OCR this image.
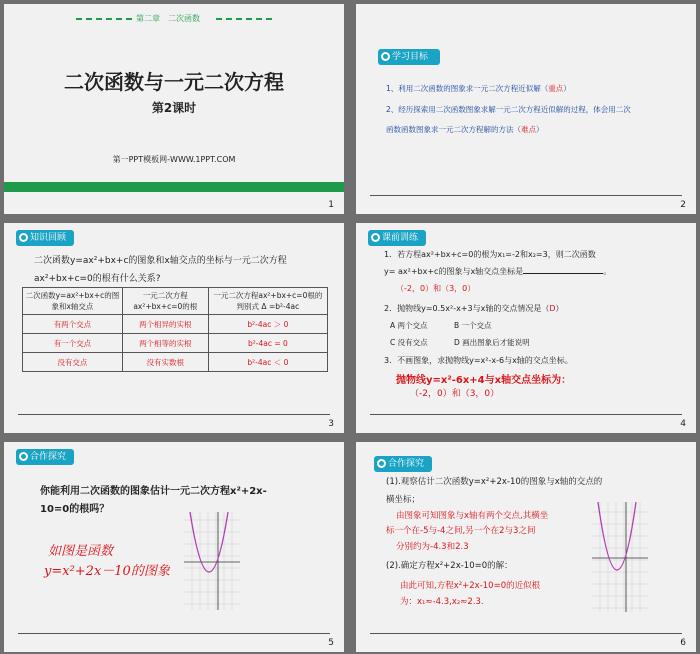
第二章　二次函数
二次函数与一元二次方程
第2课时
第一PPT模板网-WWW.1PPT.COM
1
学习目标
1、利用二次函数的图象求一元二次方程近似解（重点）
2、经历探索用二次函数图象求解一元二次方程近似解的过程，体会用二次
函数函数图象求一元二次方程解的方法（难点）
2
知识回顾
二次函数y=ax²+bx+c的图象和x轴交点的坐标与一元二次方程
ax²+bx+c=0的根有什么关系?
二次函数y=ax²+bx+c的图象和x轴交点	一元二次方程ax²+bx+c=0的根	一元二次方程ax²+bx+c=0根的判别式 Δ =b²-4ac
有两个交点	两个相异的实根	b²-4ac ＞ 0
有一个交点	两个相等的实根	b²-4ac = 0
没有交点	没有实数根	b²-4ac ＜ 0
3
课前训练
1．若方程ax²+bx+c=0的根为x₁=-2和x₂=3，则二次函数
y= ax²+bx+c的图象与x轴交点坐标是	。
（-2，0）和（3，0）
2．抛物线y=0.5x²-x+3与x轴的交点情况是（D）
A 两个交点	B 一个交点
C 没有交点	D 画出图象后才能说明
3．不画图象，求抛物线y=x²-x-6与x轴的交点坐标。
抛物线y=x²-6x+4与x轴交点坐标为：
（-2，0）和（3，0）
4
合作探究
你能利用二次函数的图象估计一元二次方程x²+2x-
10=0的根吗？
如图是函数
y=x²+2x－10的图象
5
合作探究
(1).观察估计二次函数y=x²+2x-10的图象与x轴的交点的
横坐标；
由图象可知图象与x轴有两个交点,其横坐
标一个在-5与-4之间,另一个在2与3之间
分别约为-4.3和2.3
(2).确定方程x²+2x-10=0的解：
由此可知,方程x²+2x-10=0的近似根
为：x₁≈-4.3,x₂≈2.3.
6
